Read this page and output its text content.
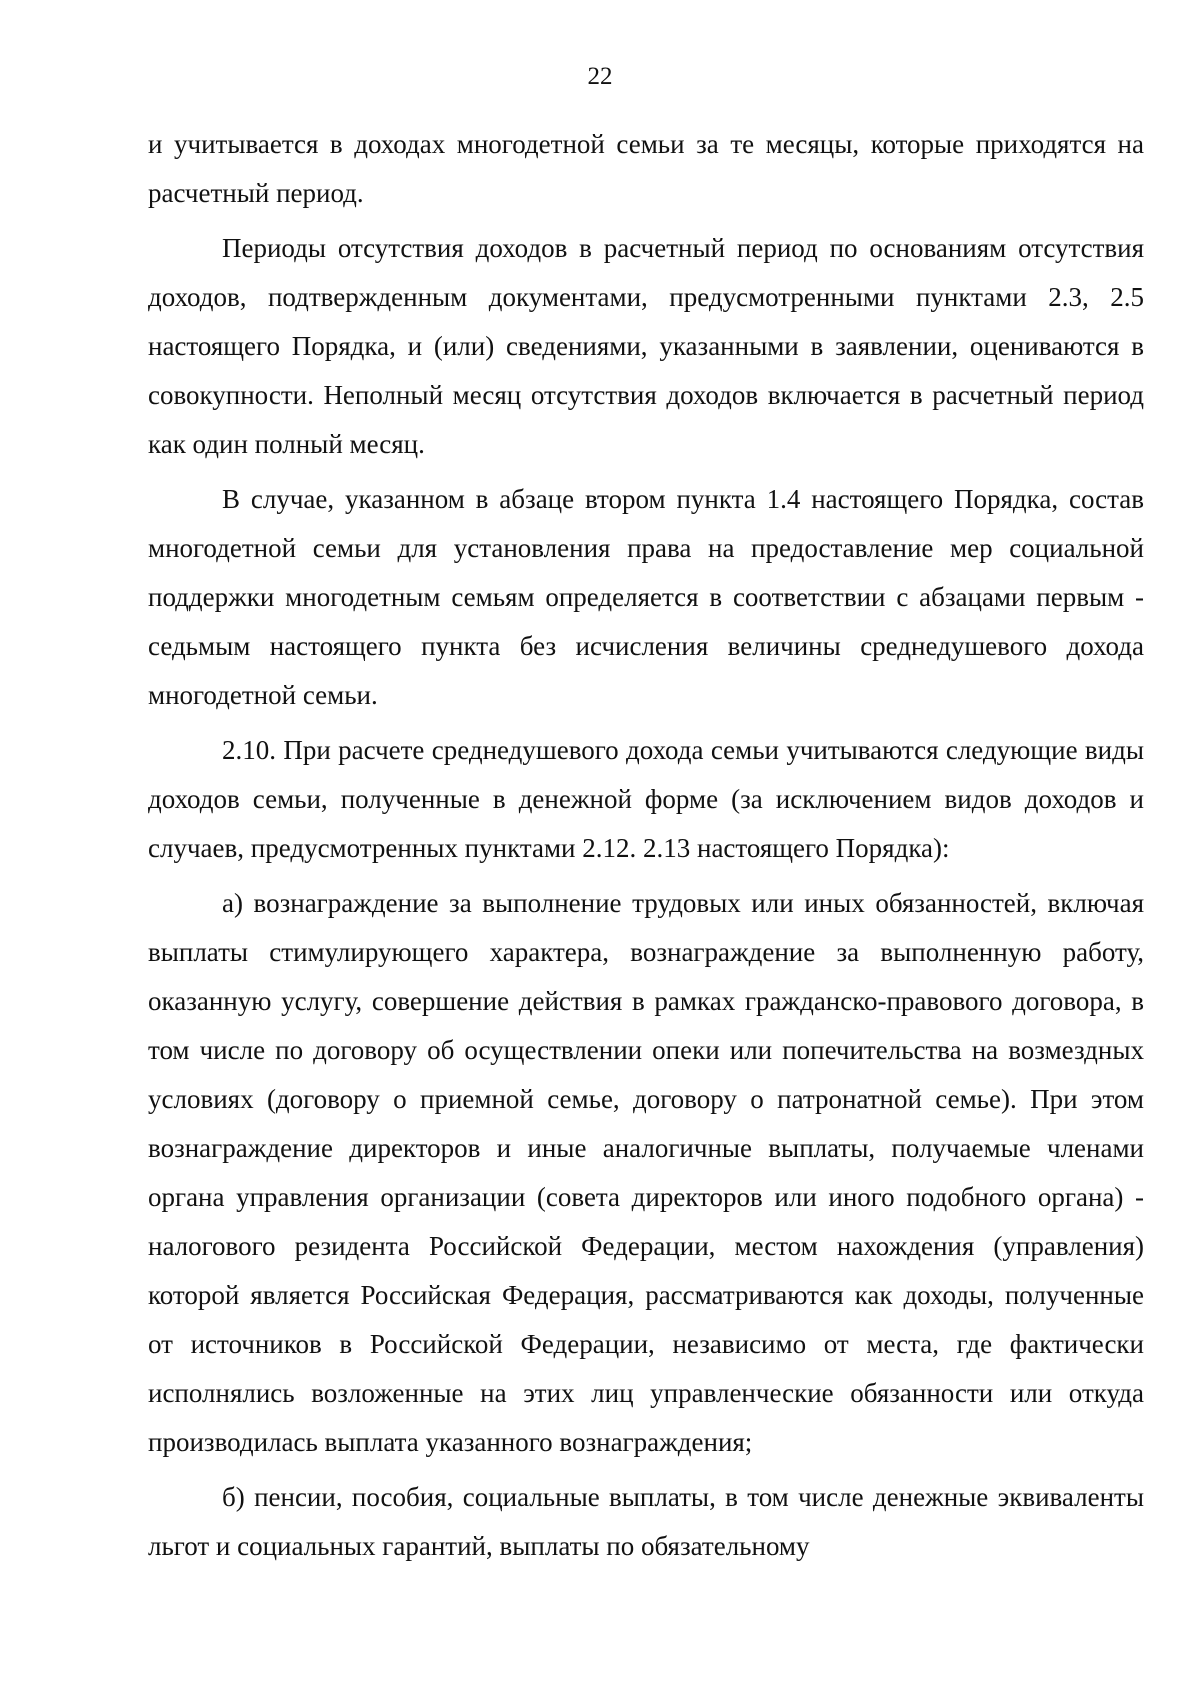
22

и учитывается в доходах многодетной семьи за те месяцы, которые приходятся на расчетный период.

Периоды отсутствия доходов в расчетный период по основаниям отсутствия доходов, подтвержденным документами, предусмотренными пунктами 2.3, 2.5 настоящего Порядка, и (или) сведениями, указанными в заявлении, оцениваются в совокупности. Неполный месяц отсутствия доходов включается в расчетный период как один полный месяц.

В случае, указанном в абзаце втором пункта 1.4 настоящего Порядка, состав многодетной семьи для установления права на предоставление мер социальной поддержки многодетным семьям определяется в соответствии с абзацами первым - седьмым настоящего пункта без исчисления величины среднедушевого дохода многодетной семьи.

2.10. При расчете среднедушевого дохода семьи учитываются следующие виды доходов семьи, полученные в денежной форме (за исключением видов доходов и случаев, предусмотренных пунктами 2.12. 2.13 настоящего Порядка):

а) вознаграждение за выполнение трудовых или иных обязанностей, включая выплаты стимулирующего характера, вознаграждение за выполненную работу, оказанную услугу, совершение действия в рамках гражданско-правового договора, в том числе по договору об осуществлении опеки или попечительства на возмездных условиях (договору о приемной семье, договору о патронатной семье). При этом вознаграждение директоров и иные аналогичные выплаты, получаемые членами органа управления организации (совета директоров или иного подобного органа) - налогового резидента Российской Федерации, местом нахождения (управления) которой является Российская Федерация, рассматриваются как доходы, полученные от источников в Российской Федерации, независимо от места, где фактически исполнялись возложенные на этих лиц управленческие обязанности или откуда производилась выплата указанного вознаграждения;

б) пенсии, пособия, социальные выплаты, в том числе денежные эквиваленты льгот и социальных гарантий, выплаты по обязательному
